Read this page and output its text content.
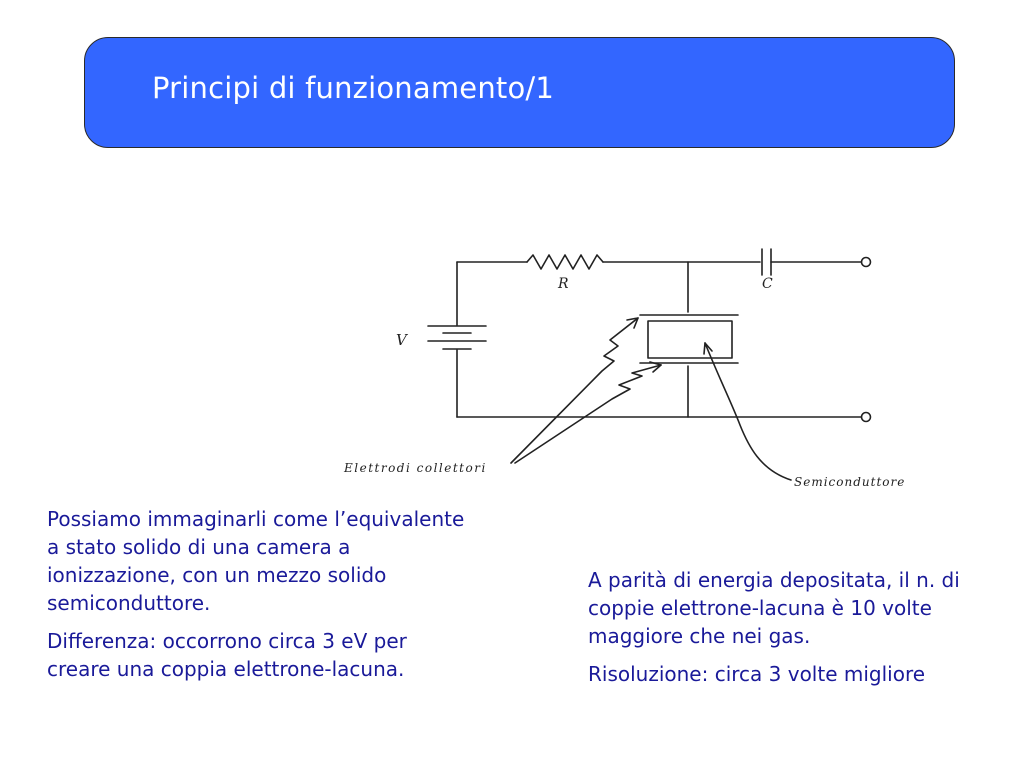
Principi di funzionamento/1
V
R	C
Elettrodi collettori
Semiconduttore

Possiamo immaginarli come l’equivalente a stato solido di una camera a ionizzazione, con un mezzo solido semiconduttore.

Differenza: occorrono circa 3 eV per creare una coppia elettrone-lacuna.

A parità di energia depositata, il n. di coppie elettrone-lacuna è 10 volte maggiore che nei gas.

Risoluzione: circa 3 volte migliore
